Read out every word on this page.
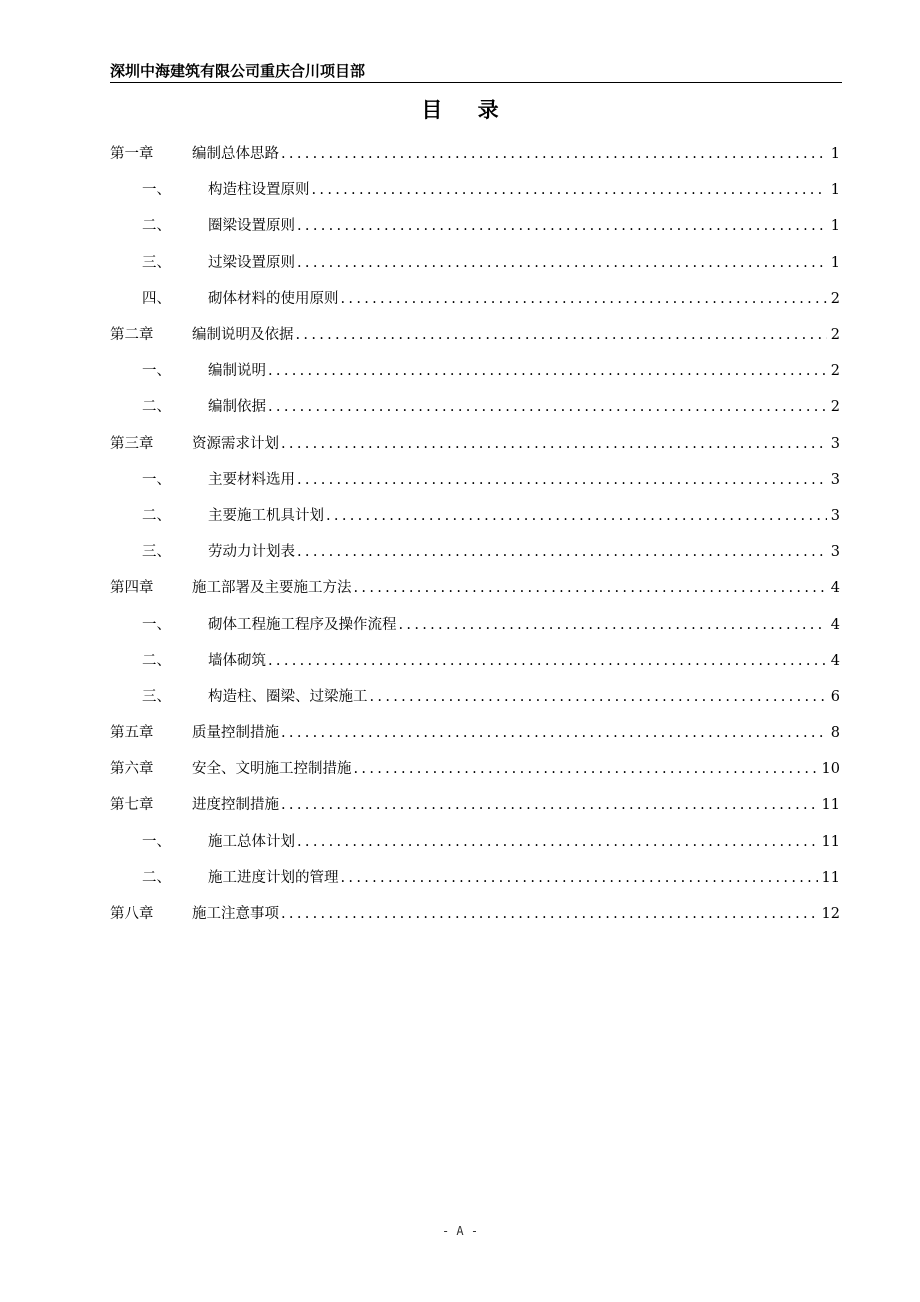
深圳中海建筑有限公司重庆合川项目部
目 录
第一章	编制总体思路 .....	1
一、	构造柱设置原则 .....	1
二、	圈梁设置原则 .....	1
三、	过梁设置原则 .....	1
四、	砌体材料的使用原则 .....	2
第二章	编制说明及依据 .....	2
一、	编制说明 .....	2
二、	编制依据 .....	2
第三章	资源需求计划 .....	3
一、	主要材料选用 .....	3
二、	主要施工机具计划 .....	3
三、	劳动力计划表 .....	3
第四章	施工部署及主要施工方法 .....	4
一、	砌体工程施工程序及操作流程 .....	4
二、	墙体砌筑 .....	4
三、	构造柱、圈梁、过梁施工 .....	6
第五章	质量控制措施 .....	8
第六章	安全、文明施工控制措施 .....	10
第七章	进度控制措施 .....	11
一、	施工总体计划 .....	11
二、	施工进度计划的管理 .....	11
第八章	施工注意事项 .....	12
- A -
